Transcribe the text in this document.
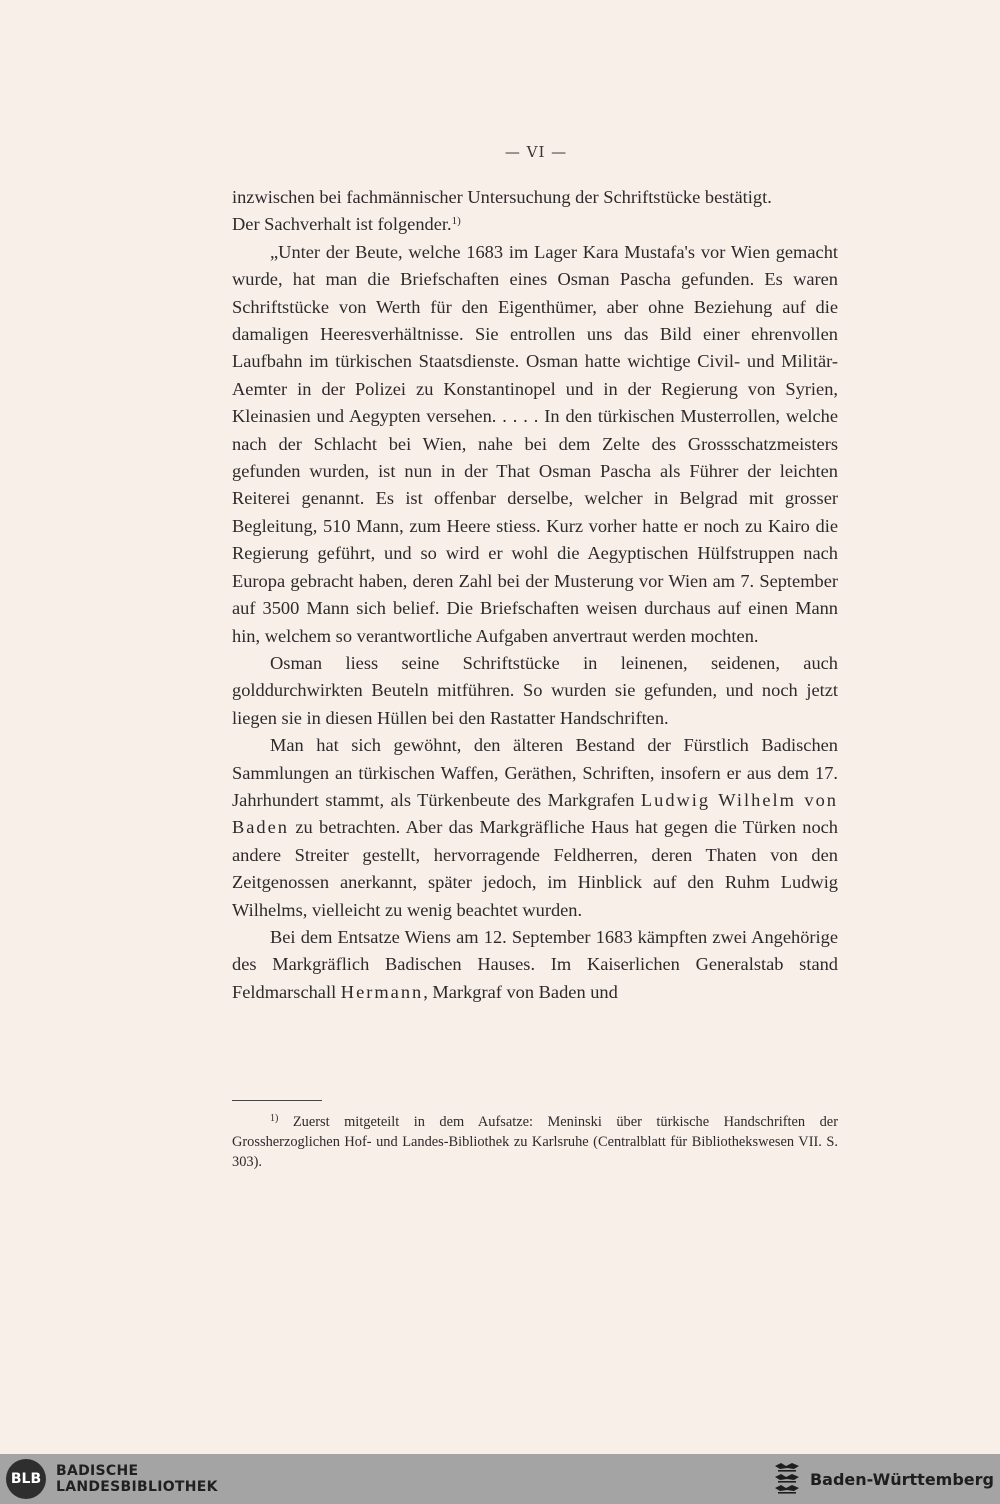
— VI —

inzwischen bei fachmännischer Untersuchung der Schriftstücke bestätigt.
Der Sachverhalt ist folgender.$^{1)}$

„Unter der Beute, welche 1683 im Lager Kara Mustafa's vor Wien gemacht wurde, hat man die Briefschaften eines Osman Pascha gefunden. Es waren Schriftstücke von Werth für den Eigenthümer, aber ohne Beziehung auf die damaligen Heeresverhältnisse. Sie entrollen uns das Bild einer ehrenvollen Laufbahn im türkischen Staatsdienste. Osman hatte wichtige Civil- und Militär-Aemter in der Polizei zu Konstantinopel und in der Regierung von Syrien, Kleinasien und Aegypten versehen. . . . . In den türkischen Musterrollen, welche nach der Schlacht bei Wien, nahe bei dem Zelte des Grossschatzmeisters gefunden wurden, ist nun in der That Osman Pascha als Führer der leichten Reiterei genannt. Es ist offenbar derselbe, welcher in Belgrad mit grosser Begleitung, 510 Mann, zum Heere stiess. Kurz vorher hatte er noch zu Kairo die Regierung geführt, und so wird er wohl die Aegyptischen Hülfstruppen nach Europa gebracht haben, deren Zahl bei der Musterung vor Wien am 7. September auf 3500 Mann sich belief. Die Briefschaften weisen durchaus auf einen Mann hin, welchem so verantwortliche Aufgaben anvertraut werden mochten.

Osman liess seine Schriftstücke in leinenen, seidenen, auch golddurchwirkten Beuteln mitführen. So wurden sie gefunden, und noch jetzt liegen sie in diesen Hüllen bei den Rastatter Handschriften.

Man hat sich gewöhnt, den älteren Bestand der Fürstlich Badischen Sammlungen an türkischen Waffen, Geräthen, Schriften, insofern er aus dem 17. Jahrhundert stammt, als Türkenbeute des Markgrafen Ludwig Wilhelm von Baden zu betrachten. Aber das Markgräfliche Haus hat gegen die Türken noch andere Streiter gestellt, hervorragende Feldherren, deren Thaten von den Zeitgenossen anerkannt, später jedoch, im Hinblick auf den Ruhm Ludwig Wilhelms, vielleicht zu wenig beachtet wurden.

Bei dem Entsatze Wiens am 12. September 1683 kämpften zwei Angehörige des Markgräflich Badischen Hauses. Im Kaiserlichen Generalstab stand Feldmarschall Hermann, Markgraf von Baden und

$^{1)}$ Zuerst mitgeteilt in dem Aufsatze: Meninski über türkische Handschriften der Grossherzoglichen Hof- und Landes-Bibliothek zu Karlsruhe (Centralblatt für Bibliothekswesen VII. S. 303).

BLB	BADISCHE
LANDESBIBLIOTHEK	Baden-Württemberg
